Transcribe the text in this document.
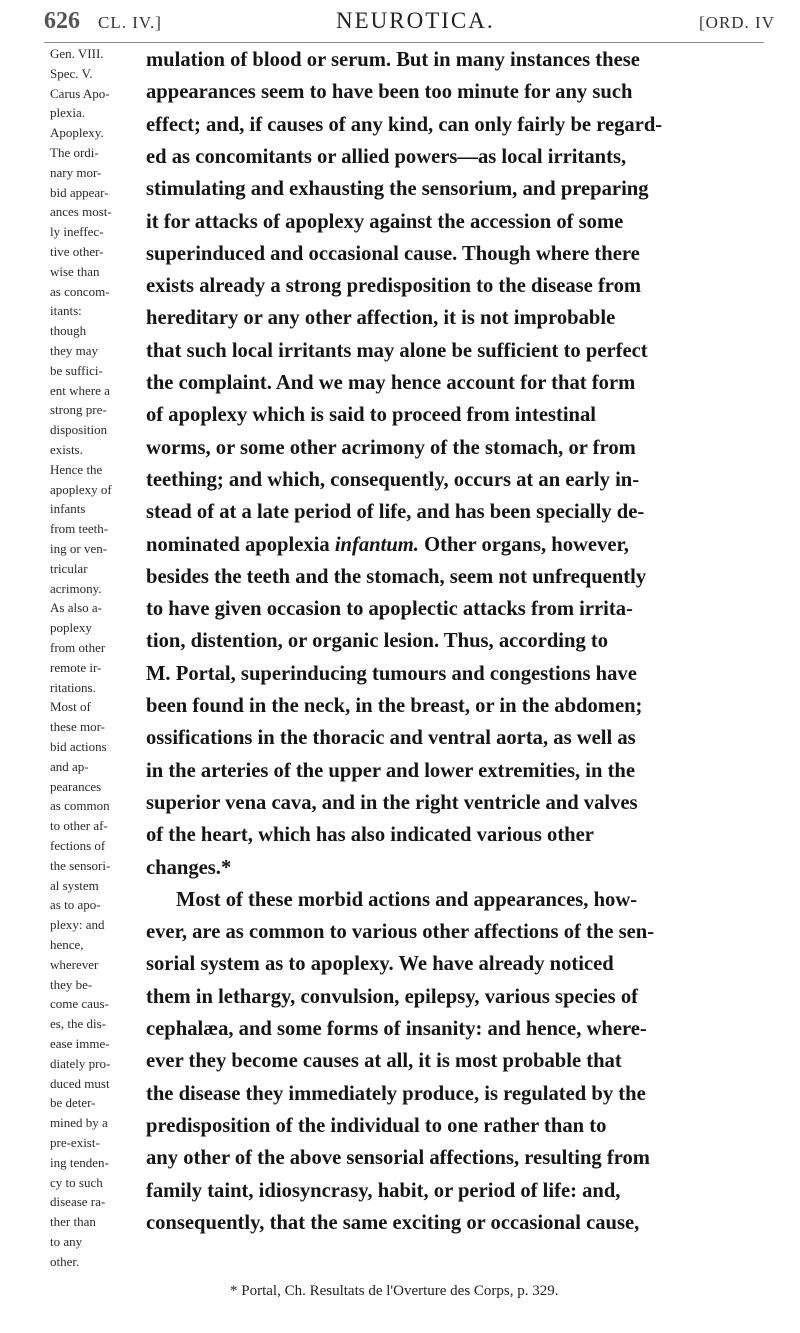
626 CL. IV.]	NEUROTICA.	[ORD. IV
Gen. VIII.
Spec. V.
Carus Apo-
plexia.
Apoplexy.
The ordi-
nary mor-
bid appear-
ances most-
ly ineffec-
tive other-
wise than
as concom-
itants:
though
they may
be suffici-
ent where a
strong pre-
disposition
exists.
Hence the
apoplexy of
infants
from teeth-
ing or ven-
tricular
acrimony.
As also a-
poplexy
from other
remote ir-
ritations.
Most of
these mor-
bid actions
and ap-
pearances
as common
to other af-
fections of
the sensori-
al system
as to apo-
plexy: and
hence,
wherever
they be-
come caus-
es, the dis-
ease imme-
diately pro-
duced must
be deter-
mined by a
pre-exist-
ing tenden-
cy to such
disease ra-
ther than
to any
other.
mulation of blood or serum. But in many instances these
appearances seem to have been too minute for any such
effect; and, if causes of any kind, can only fairly be regard-
ed as concomitants or allied powers—as local irritants,
stimulating and exhausting the sensorium, and preparing
it for attacks of apoplexy against the accession of some
superinduced and occasional cause. Though where there
exists already a strong predisposition to the disease from
hereditary or any other affection, it is not improbable
that such local irritants may alone be sufficient to perfect
the complaint. And we may hence account for that form
of apoplexy which is said to proceed from intestinal
worms, or some other acrimony of the stomach, or from
teething; and which, consequently, occurs at an early in-
stead of at a late period of life, and has been specially de-
nominated apoplexia infantum. Other organs, however,
besides the teeth and the stomach, seem not unfrequently
to have given occasion to apoplectic attacks from irrita-
tion, distention, or organic lesion. Thus, according to
M. Portal, superinducing tumours and congestions have
been found in the neck, in the breast, or in the abdomen;
ossifications in the thoracic and ventral aorta, as well as
in the arteries of the upper and lower extremities, in the
superior vena cava, and in the right ventricle and valves
of the heart, which has also indicated various other
changes.*
Most of these morbid actions and appearances, how-
ever, are as common to various other affections of the sen-
sorial system as to apoplexy. We have already noticed
them in lethargy, convulsion, epilepsy, various species of
cephalæa, and some forms of insanity: and hence, where-
ever they become causes at all, it is most probable that
the disease they immediately produce, is regulated by the
predisposition of the individual to one rather than to
any other of the above sensorial affections, resulting from
family taint, idiosyncrasy, habit, or period of life: and,
consequently, that the same exciting or occasional cause,
* Portal, Ch. Resultats de l'Overture des Corps, p. 329.
